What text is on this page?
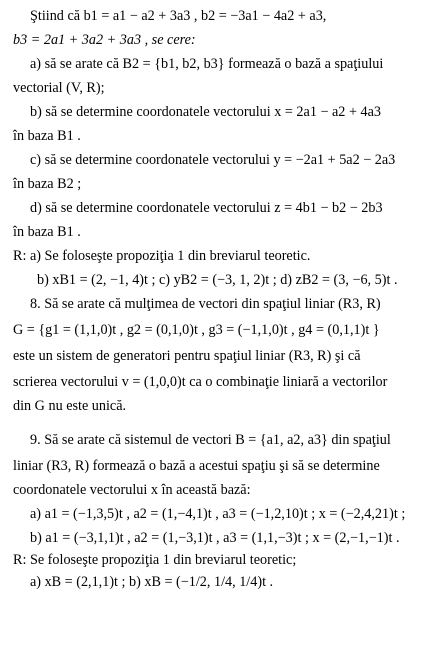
Ştiind că b1 = a1 − a2 + 3a3 , b2 = −3a1 − 4a2 + a3,
b3 = 2a1 + 3a2 + 3a3 , se cere:
a) să se arate că B2 = {b1, b2, b3} formează o bază a spaţiului
vectorial (V, R);
b) să se determine coordonatele vectorului x = 2a1 − a2 + 4a3
în baza B1 .
c) să se determine coordonatele vectorului y = −2a1 + 5a2 − 2a3
în baza B2 ;
d) să se determine coordonatele vectorului z = 4b1 − b2 − 2b3
în baza B1 .
R: a) Se foloseşte propoziţia 1 din breviarul teoretic.
b) xB1 = (2, −1, 4)t ; c) yB2 = (−3, 1, 2)t ; d) zB2 = (3, −6, 5)t .
8. Să se arate că mulţimea de vectori din spaţiul liniar (R3, R)
G = {g1 = (1,1,0)t , g2 = (0,1,0)t , g3 = (−1,1,0)t , g4 = (0,1,1)t }
este un sistem de generatori pentru spaţiul liniar (R3, R) şi că
scrierea vectorului v = (1,0,0)t ca o combinaţie liniară a vectorilor
din G nu este unică.
9. Să se arate că sistemul de vectori B = {a1, a2, a3} din spaţiul
liniar (R3, R) formează o bază a acestui spaţiu şi să se determine
coordonatele vectorului x în această bază:
a) a1 = (−1,3,5)t , a2 = (1,−4,1)t , a3 = (−1,2,10)t ; x = (−2,4,21)t ;
b) a1 = (−3,1,1)t , a2 = (1,−3,1)t , a3 = (1,1,−3)t ; x = (2,−1,−1)t .
R: Se foloseşte propoziţia 1 din breviarul teoretic;
a) xB = (2,1,1)t ; b) xB = (−1/2, 1/4, 1/4)t .
